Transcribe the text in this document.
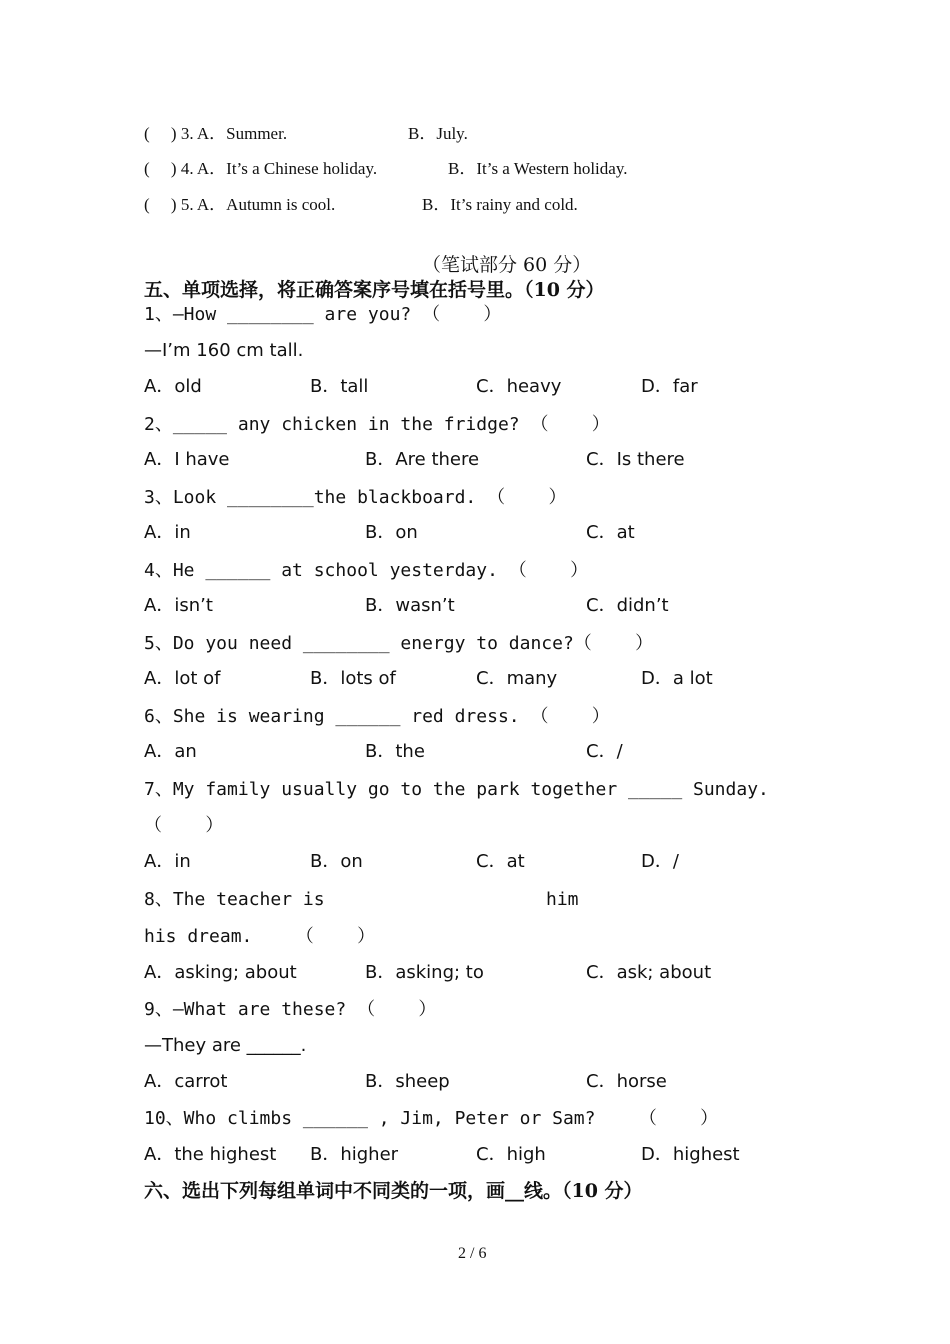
(     ) 3. A．Summer.	B．July.
(     ) 4. A．It’s a Chinese holiday.	B．It’s a Western holiday.
(     ) 5. A．Autumn is cool.	B．It’s rainy and cold.
（笔试部分 60 分）
五、单项选择，将正确答案序号填在括号里。（10 分）
1、—How ________ are you? （    ）
—I’m 160 cm tall.
A．old	B．tall	C．heavy	D．far
2、_____ any chicken in the fridge? （    ）
A．I have	B．Are there	C．Is there
3、Look ________the blackboard. （    ）
A．in	B．on	C．at
4、He ______ at school yesterday. （    ）
A．isn’t	B．wasn’t	C．didn’t
5、Do you need ________ energy to dance?（    ）
A．lot of	B．lots of	C．many	D．a lot
6、She is wearing ______ red dress. （    ）
A．an	B．the	C．/
7、My family usually go to the park together _____ Sunday.
（    ）
A．in	B．on	C．at	D．/
8、The teacher is	him
his dream.    （    ）
A．asking; about	B．asking; to	C．ask; about
9、—What are these? （    ）
—They are ______.
A．carrot	B．sheep	C．horse
10、Who climbs ______ , Jim, Peter or Sam?    （    ）
A．the highest B．higher	C．high	D．highest
六、选出下列每组单词中不同类的一项，画__线。（10 分）
2 / 6
